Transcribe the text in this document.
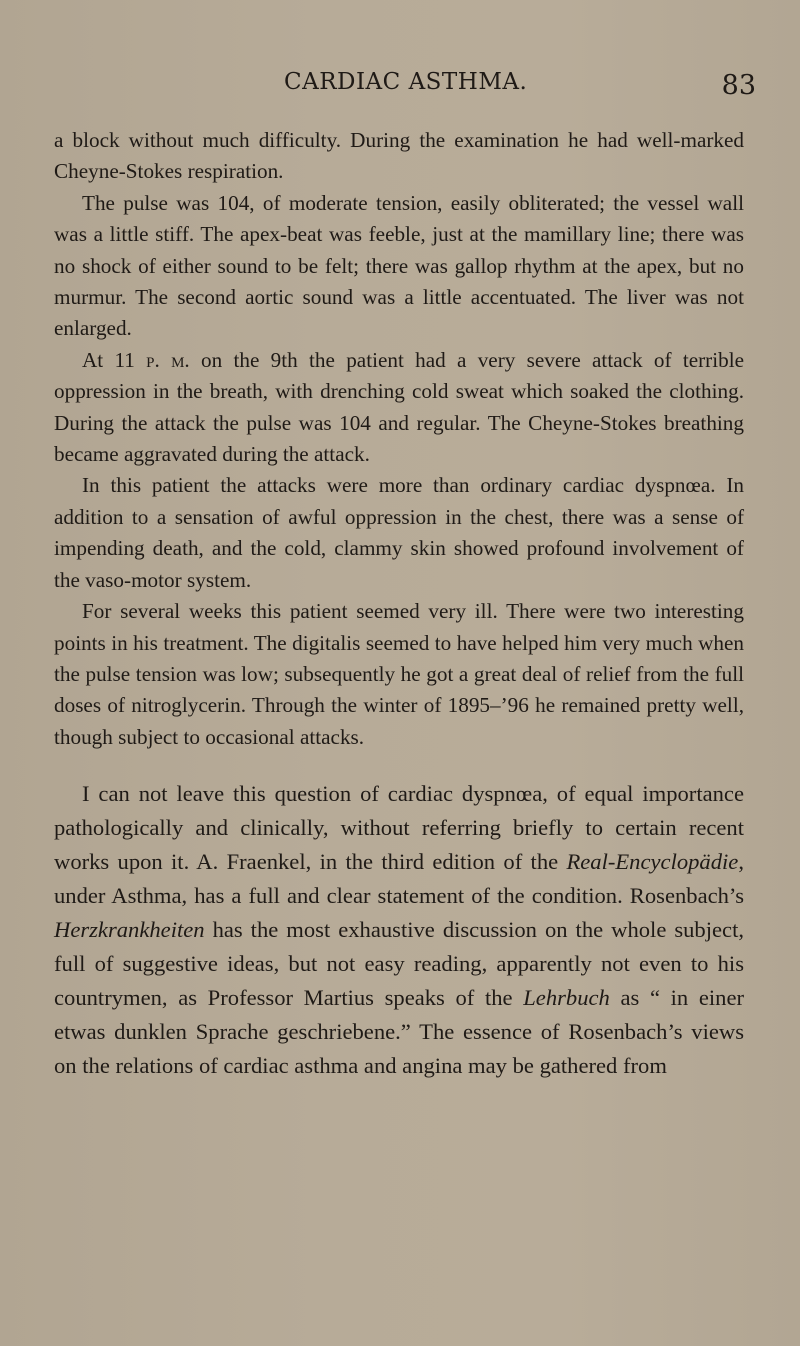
CARDIAC ASTHMA.	83

a block without much difficulty. During the examination he had well-marked Cheyne-Stokes respiration.

The pulse was 104, of moderate tension, easily obliterated; the vessel wall was a little stiff. The apex-beat was feeble, just at the mamillary line; there was no shock of either sound to be felt; there was gallop rhythm at the apex, but no murmur. The second aortic sound was a little accentuated. The liver was not enlarged.

At 11 p. m. on the 9th the patient had a very severe attack of terrible oppression in the breath, with drenching cold sweat which soaked the clothing. During the attack the pulse was 104 and regular. The Cheyne-Stokes breathing became aggravated during the attack.

In this patient the attacks were more than ordinary cardiac dyspnœa. In addition to a sensation of awful oppression in the chest, there was a sense of impending death, and the cold, clammy skin showed profound involvement of the vaso-motor system.

For several weeks this patient seemed very ill. There were two interesting points in his treatment. The digitalis seemed to have helped him very much when the pulse tension was low; subsequently he got a great deal of relief from the full doses of nitroglycerin. Through the winter of 1895–’96 he remained pretty well, though subject to occasional attacks.

I can not leave this question of cardiac dyspnœa, of equal importance pathologically and clinically, without referring briefly to certain recent works upon it. A. Fraenkel, in the third edition of the Real-Encyclopädie, under Asthma, has a full and clear statement of the condition. Rosenbach’s Herzkrankheiten has the most exhaustive discussion on the whole subject, full of suggestive ideas, but not easy reading, apparently not even to his countrymen, as Professor Martius speaks of the Lehrbuch as “ in einer etwas dunklen Sprache geschriebene.” The essence of Rosenbach’s views on the relations of cardiac asthma and angina may be gathered from
